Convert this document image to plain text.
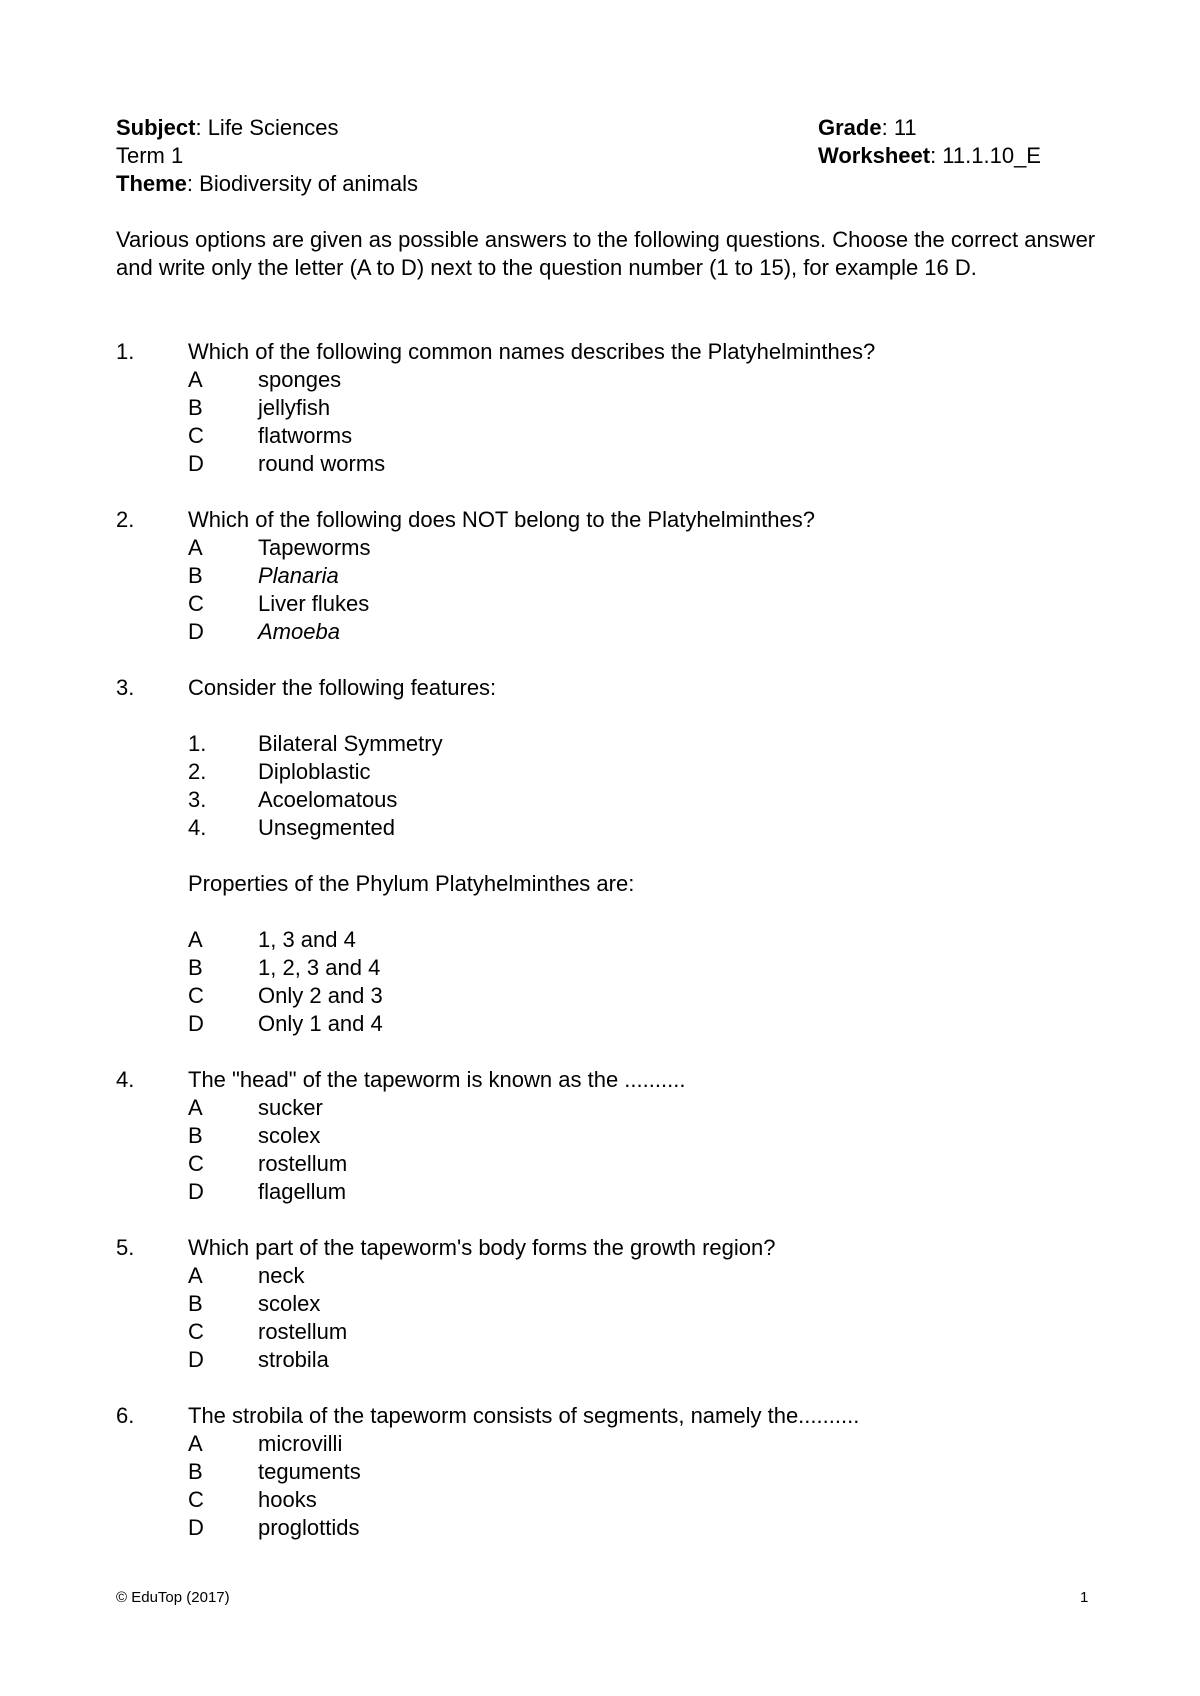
Subject: Life Sciences
Term 1
Theme: Biodiversity of animals
Grade: 11
Worksheet: 11.1.10_E
Various options are given as possible answers to the following questions. Choose the correct answer and write only the letter (A to D) next to the question number (1 to 15), for example 16 D.
1. Which of the following common names describes the Platyhelminthes?
A	sponges
B	jellyfish
C flatworms
D round worms
2. Which of the following does NOT belong to the Platyhelminthes?
A	Tapeworms
B	Planaria
C Liver flukes
D Amoeba
3. Consider the following features:
1. Bilateral Symmetry
2. Diploblastic
3. Acoelomatous
4. Unsegmented
Properties of the Phylum Platyhelminthes are:
A	1, 3 and 4
B	1, 2, 3 and 4
C Only 2 and 3
D Only 1 and 4
4. The "head" of the tapeworm is known as the ..........
A	sucker
B	scolex
C rostellum
D flagellum
5. Which part of the tapeworm's body forms the growth region?
A	neck
B	scolex
C rostellum
D strobila
6. The strobila of the tapeworm consists of segments, namely the..........
A	microvilli
B	teguments
C hooks
D proglottids
© EduTop (2017)	1
